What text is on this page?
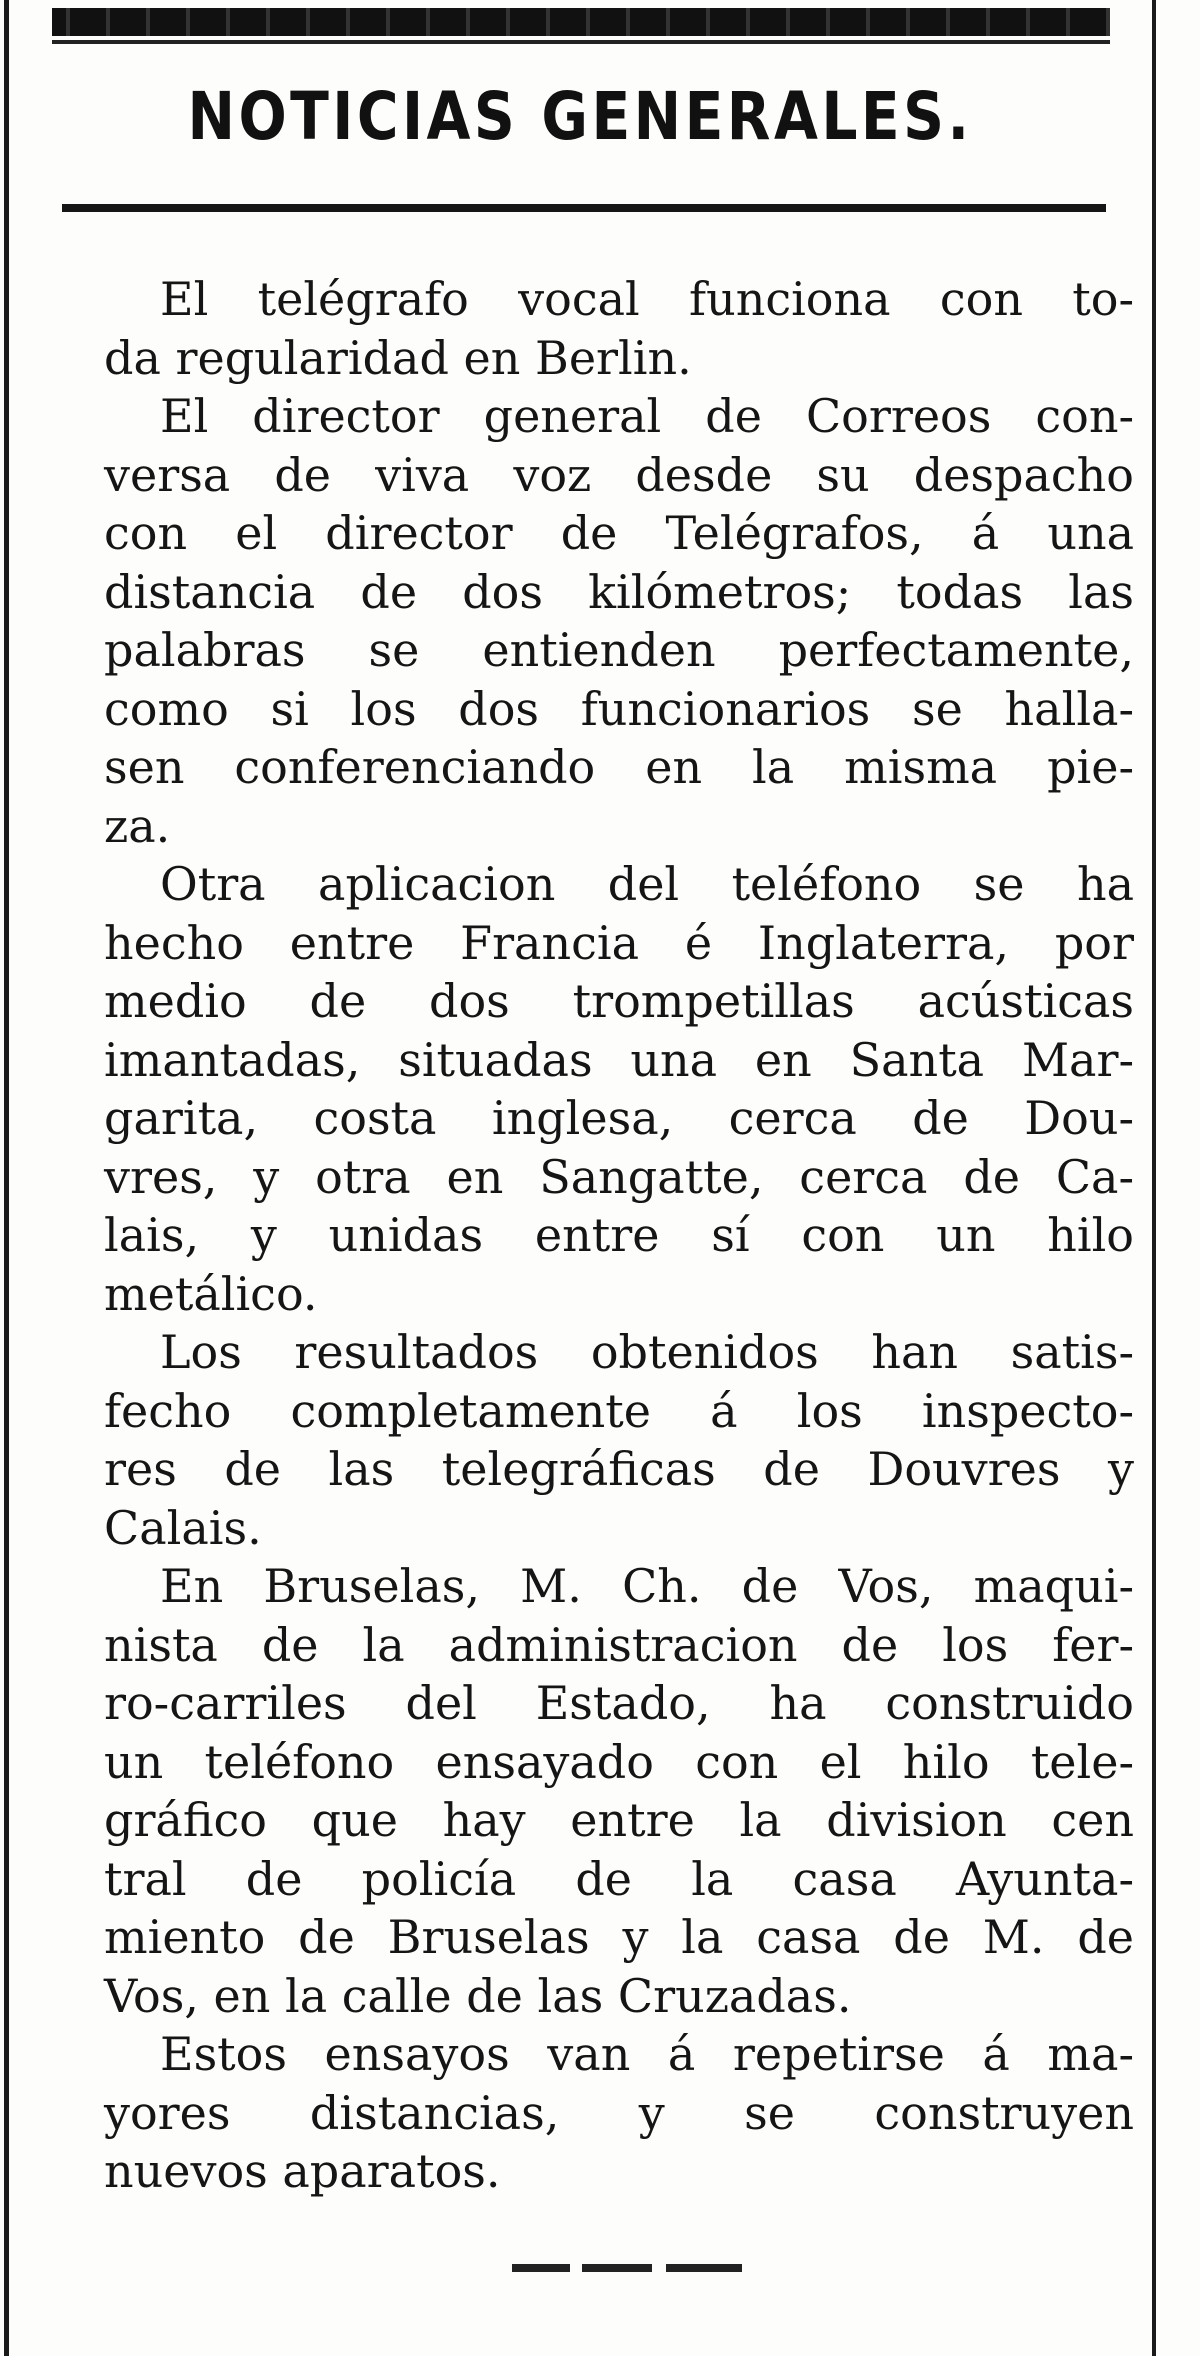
NOTICIAS GENERALES.
El telégrafo vocal funciona con to-
da regularidad en Berlin.
El director general de Correos con-
versa de viva voz desde su despacho
con el director de Telégrafos, á una
distancia de dos kilómetros; todas las
palabras se entienden perfectamente,
como si los dos funcionarios se halla-
sen conferenciando en la misma pie-
za.
Otra aplicacion del teléfono se ha
hecho entre Francia é Inglaterra, por
medio de dos trompetillas acústicas
imantadas, situadas una en Santa Mar-
garita, costa inglesa, cerca de Dou-
vres, y otra en Sangatte, cerca de Ca-
lais, y unidas entre sí con un hilo
metálico.
Los resultados obtenidos han satis-
fecho completamente á los inspecto-
res de las telegráficas de Douvres y
Calais.
En Bruselas, M. Ch. de Vos, maqui-
nista de la administracion de los fer-
ro-carriles del Estado, ha construido
un teléfono ensayado con el hilo tele-
gráfico que hay entre la division cen
tral de policía de la casa Ayunta-
miento de Bruselas y la casa de M. de
Vos, en la calle de las Cruzadas.
Estos ensayos van á repetirse á ma-
yores distancias, y se construyen
nuevos aparatos.
